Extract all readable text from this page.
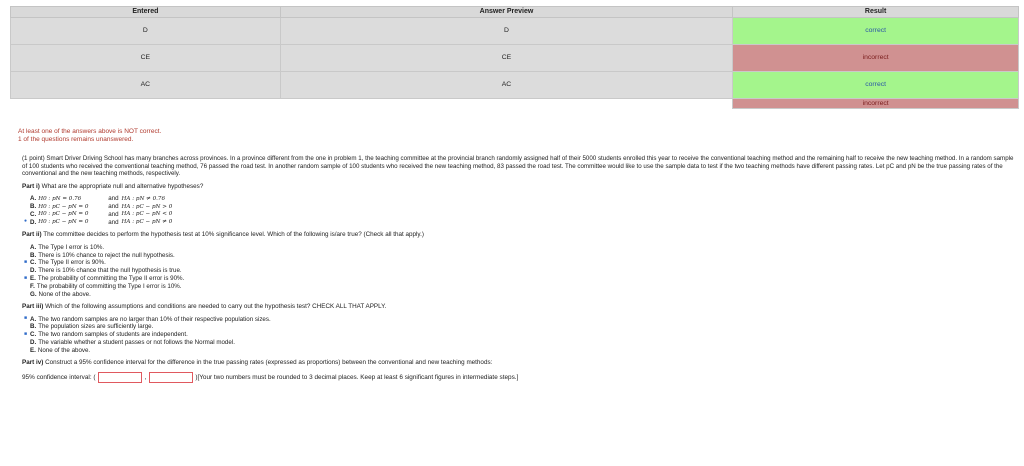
Entered	Answer Preview	Result
D	D	correct
CE	CE	incorrect
AC	AC	correct
		incorrect
At least one of the answers above is NOT correct.
1 of the questions remains unanswered.
(1 point) Smart Driver Driving School has many branches across provinces. In a province different from the one in problem 1, the teaching committee at the provincial branch randomly assigned half of their 5000 students enrolled this year to receive the conventional teaching method and the remaining half to receive the new teaching method. In a random sample of 100 students who received the conventional teaching method, 76 passed the road test. In another random sample of 100 students who received the new teaching method, 83 passed the road test. The committee would like to use the sample data to test if the two teaching methods have different passing rates. Let pC and pN be the true passing rates of the conventional and the new teaching methods, respectively.
Part i) What are the appropriate null and alternative hypotheses?
A. H0 : pN = 0.76	and HA : pN ≠ 0.76
B. H0 : pC − pN = 0	and HA : pC − pN > 0
C. H0 : pC − pN = 0	and HA : pC − pN < 0
● D. H0 : pC − pN = 0	and HA : pC − pN ≠ 0
Part ii) The committee decides to perform the hypothesis test at 10% significance level. Which of the following is/are true? (Check all that apply.)
A. The Type I error is 10%.
B. There is 10% chance to reject the null hypothesis.
■ C. The Type II error is 90%.
D. There is 10% chance that the null hypothesis is true.
■ E. The probability of committing the Type II error is 90%.
F. The probability of committing the Type I error is 10%.
G. None of the above.
Part iii) Which of the following assumptions and conditions are needed to carry out the hypothesis test? CHECK ALL THAT APPLY.
■ A. The two random samples are no larger than 10% of their respective population sizes.
B. The population sizes are sufficiently large.
■ C. The two random samples of students are independent.
D. The variable whether a student passes or not follows the Normal model.
E. None of the above.
Part iv) Construct a 95% confidence interval for the difference in the true passing rates (expressed as proportions) between the conventional and new teaching methods:
95% confidence interval: (	,	) [Your two numbers must be rounded to 3 decimal places. Keep at least 6 significant figures in intermediate steps.]
